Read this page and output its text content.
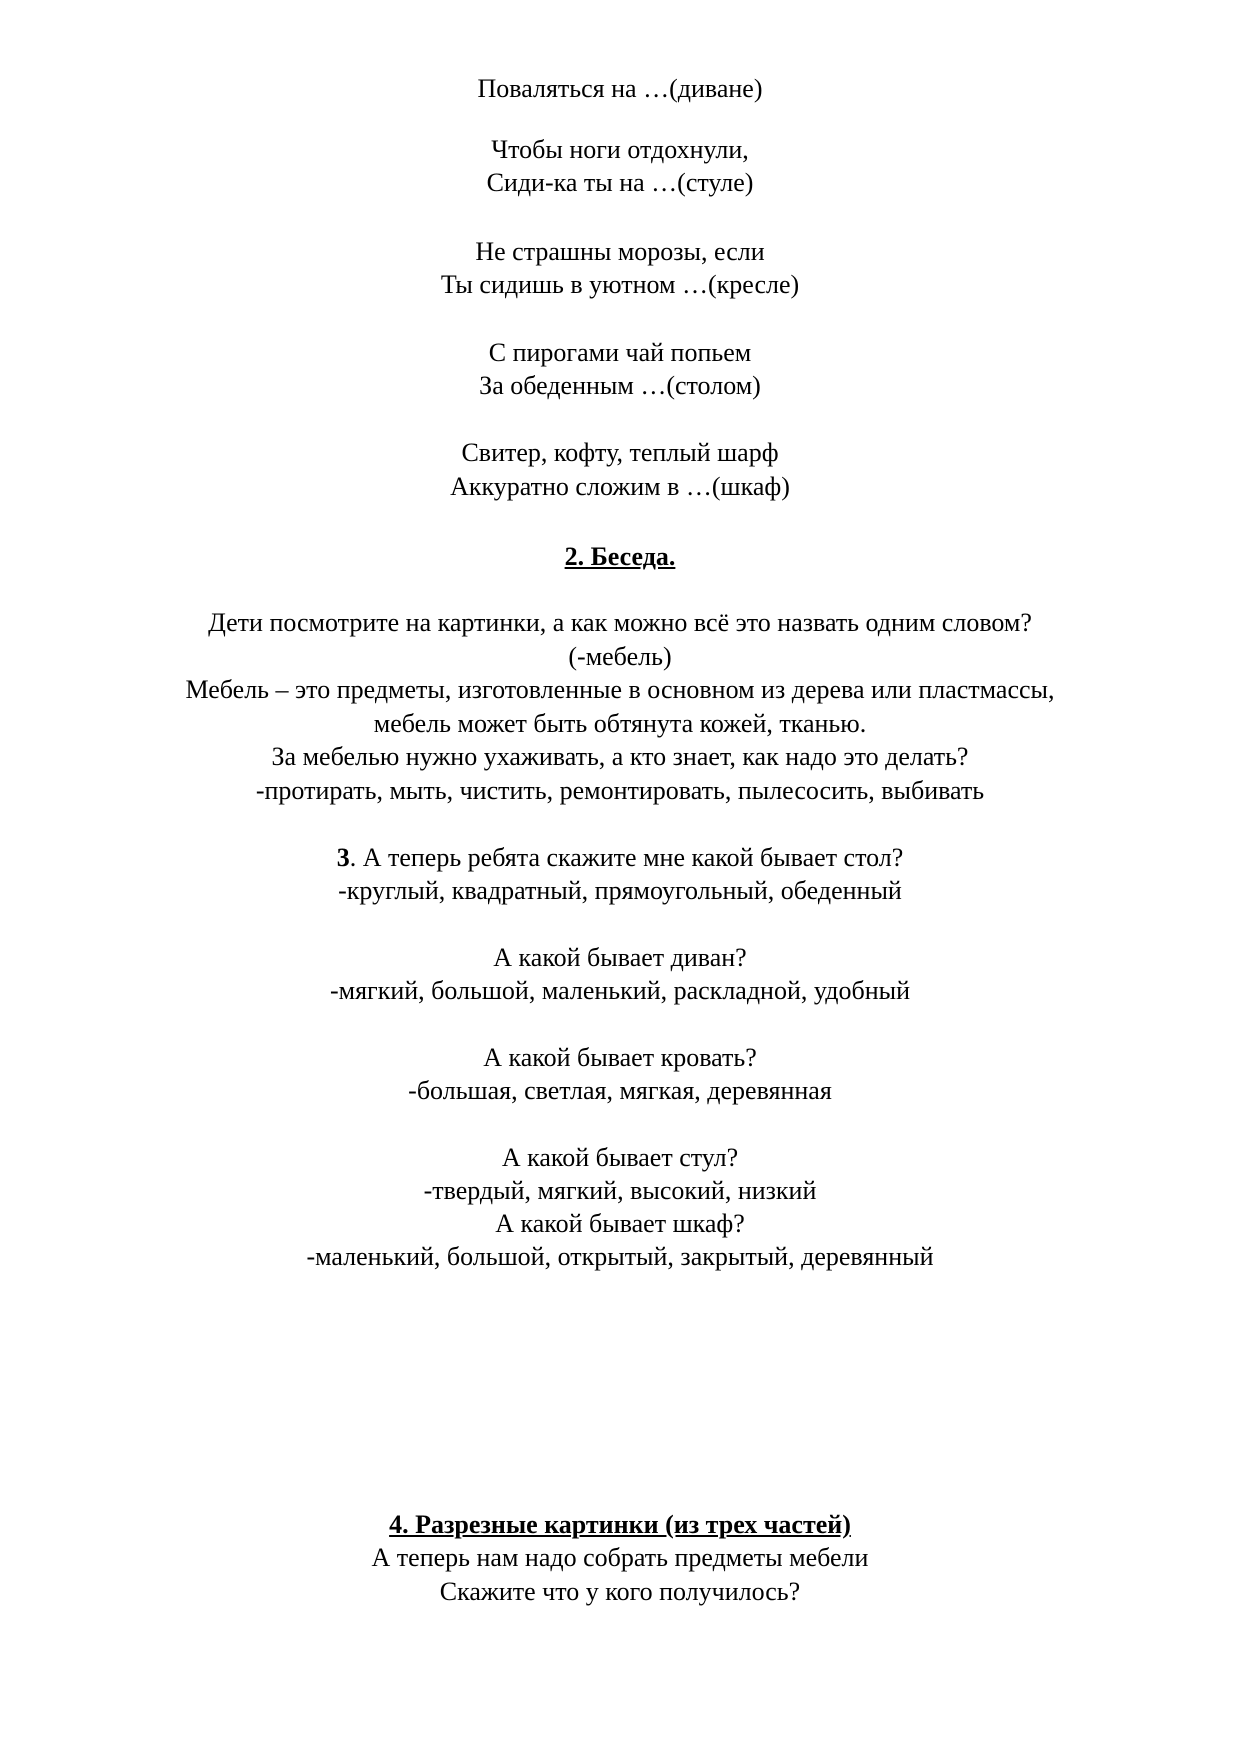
Поваляться на …(диване)
Чтобы ноги отдохнули,
Сиди-ка ты на …(стуле)
Не страшны морозы, если
Ты сидишь в уютном …(кресле)
С пирогами чай попьем
За обеденным …(столом)
Свитер, кофту, теплый шарф
Аккуратно сложим в …(шкаф)
2. Беседа.
Дети посмотрите на картинки, а как можно всё это назвать одним словом?
(-мебель)
Мебель – это предметы, изготовленные в основном из дерева или пластмассы,
мебель может быть обтянута кожей, тканью.
За мебелью нужно ухаживать, а кто знает, как надо это делать?
-протирать, мыть, чистить, ремонтировать, пылесосить, выбивать
3. А теперь ребята скажите мне какой бывает стол?
-круглый, квадратный, прямоугольный, обеденный
А какой бывает диван?
-мягкий, большой, маленький, раскладной, удобный
А какой бывает кровать?
-большая, светлая, мягкая, деревянная
А какой бывает стул?
-твердый, мягкий, высокий, низкий
А какой бывает шкаф?
-маленький, большой, открытый, закрытый, деревянный
4. Разрезные картинки (из трех частей)
А теперь нам надо собрать предметы мебели
Скажите что у кого получилось?
